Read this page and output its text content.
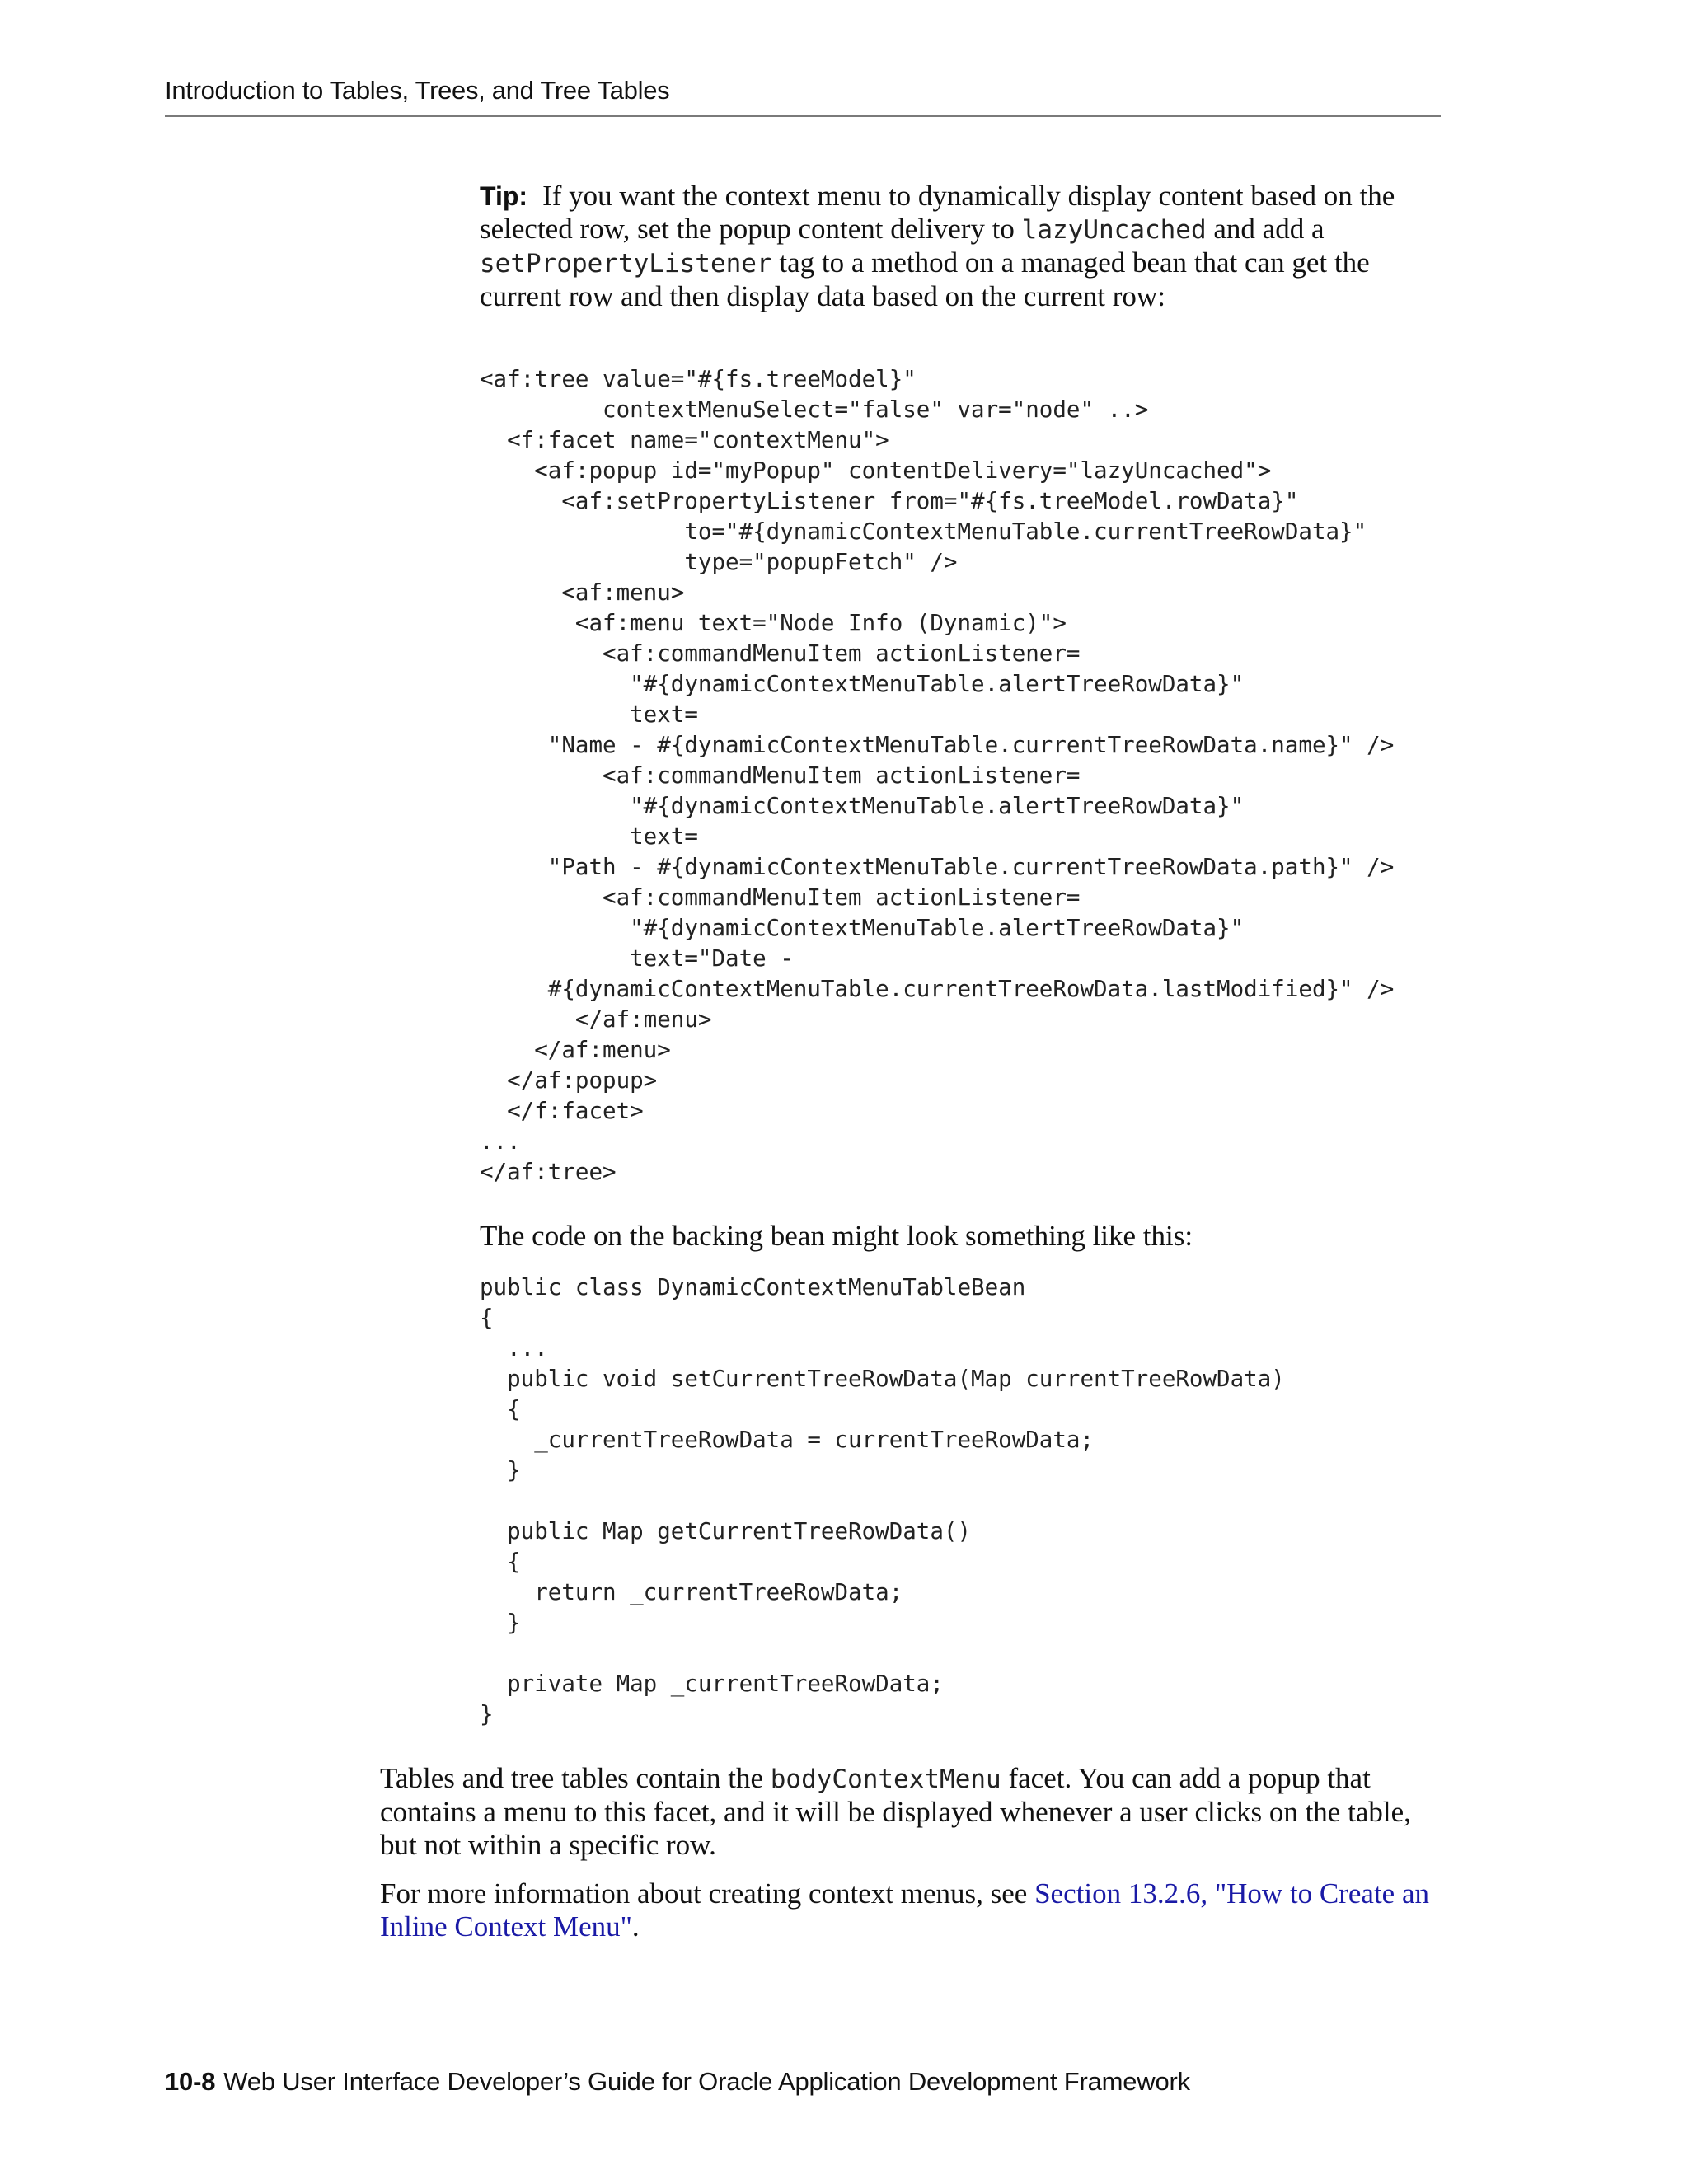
Introduction to Tables, Trees, and Tree Tables
Tip: If you want the context menu to dynamically display content based on the selected row, set the popup content delivery to lazyUncached and add a setPropertyListener tag to a method on a managed bean that can get the current row and then display data based on the current row:
<af:tree value="#{fs.treeModel}"
contextMenuSelect="false" var="node" ..>
<f:facet name="contextMenu">
<af:popup id="myPopup" contentDelivery="lazyUncached">
<af:setPropertyListener from="#{fs.treeModel.rowData}"
to="#{dynamicContextMenuTable.currentTreeRowData}"
type="popupFetch" />
<af:menu>
<af:menu text="Node Info (Dynamic)">
<af:commandMenuItem actionListener=
"#{dynamicContextMenuTable.alertTreeRowData}"
text=
"Name - #{dynamicContextMenuTable.currentTreeRowData.name}" />
<af:commandMenuItem actionListener=
"#{dynamicContextMenuTable.alertTreeRowData}"
text=
"Path - #{dynamicContextMenuTable.currentTreeRowData.path}" />
<af:commandMenuItem actionListener=
"#{dynamicContextMenuTable.alertTreeRowData}"
text="Date -
#{dynamicContextMenuTable.currentTreeRowData.lastModified}" />
</af:menu>
</af:menu>
</af:popup>
</f:facet>
...
</af:tree>

The code on the backing bean might look something like this:

public class DynamicContextMenuTableBean
{
...
public void setCurrentTreeRowData(Map currentTreeRowData)
{
_currentTreeRowData = currentTreeRowData;
}

public Map getCurrentTreeRowData()
{
return _currentTreeRowData;
}

private Map _currentTreeRowData;
}

Tables and tree tables contain the bodyContextMenu facet. You can add a popup that contains a menu to this facet, and it will be displayed whenever a user clicks on the table, but not within a specific row.

For more information about creating context menus, see Section 13.2.6, "How to Create an Inline Context Menu".

10-8 Web User Interface Developer’s Guide for Oracle Application Development Framework
